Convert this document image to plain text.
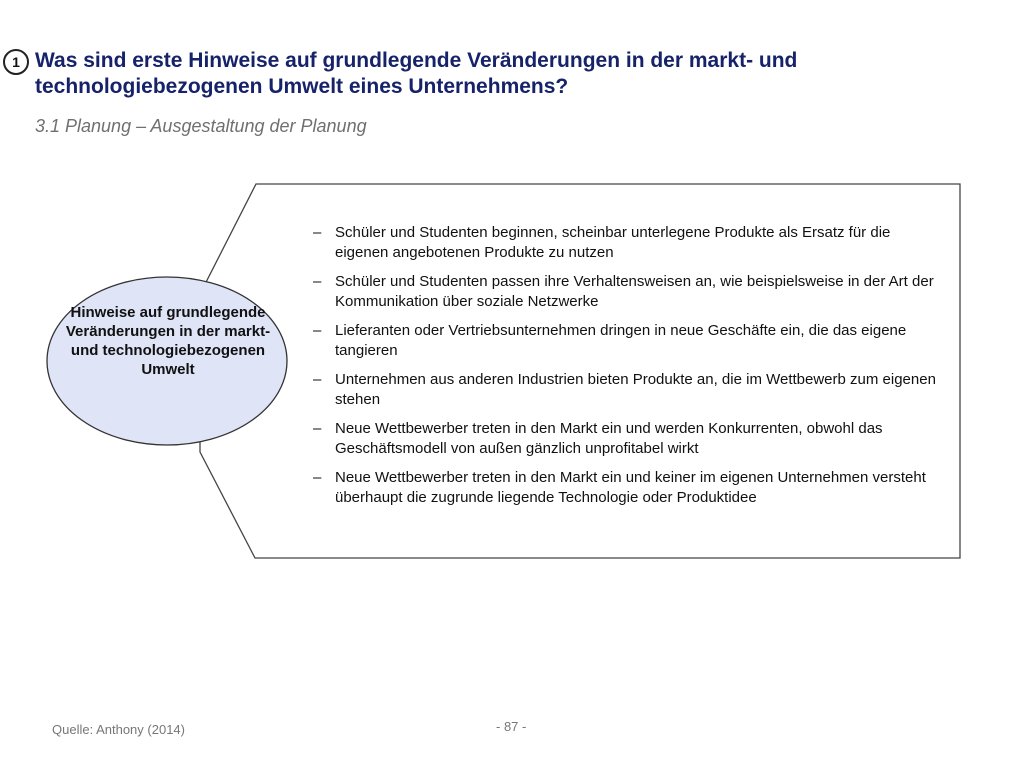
1 Was sind erste Hinweise auf grundlegende Veränderungen in der markt- und technologiebezogenen Umwelt eines Unternehmens?
3.1 Planung – Ausgestaltung der Planung
– Schüler und Studenten beginnen, scheinbar unterlegene Produkte als Ersatz für die eigenen angebotenen Produkte zu nutzen
– Schüler und Studenten passen ihre Verhaltensweisen an, wie beispielsweise in der Art der Kommunikation über soziale Netzwerke
– Lieferanten oder Vertriebsunternehmen dringen in neue Geschäfte ein, die das eigene tangieren
– Unternehmen aus anderen Industrien bieten Produkte an, die im Wettbewerb zum eigenen stehen
– Neue Wettbewerber treten in den Markt ein und werden Konkurrenten, obwohl das Geschäftsmodell von außen gänzlich unprofitabel wirkt
– Neue Wettbewerber treten in den Markt ein und keiner im eigenen Unternehmen versteht überhaupt die zugrunde liegende Technologie oder Produktidee
Hinweise auf grundlegende Veränderungen in der markt- und technologiebezogenen Umwelt
Quelle: Anthony (2014)	- 87 -
